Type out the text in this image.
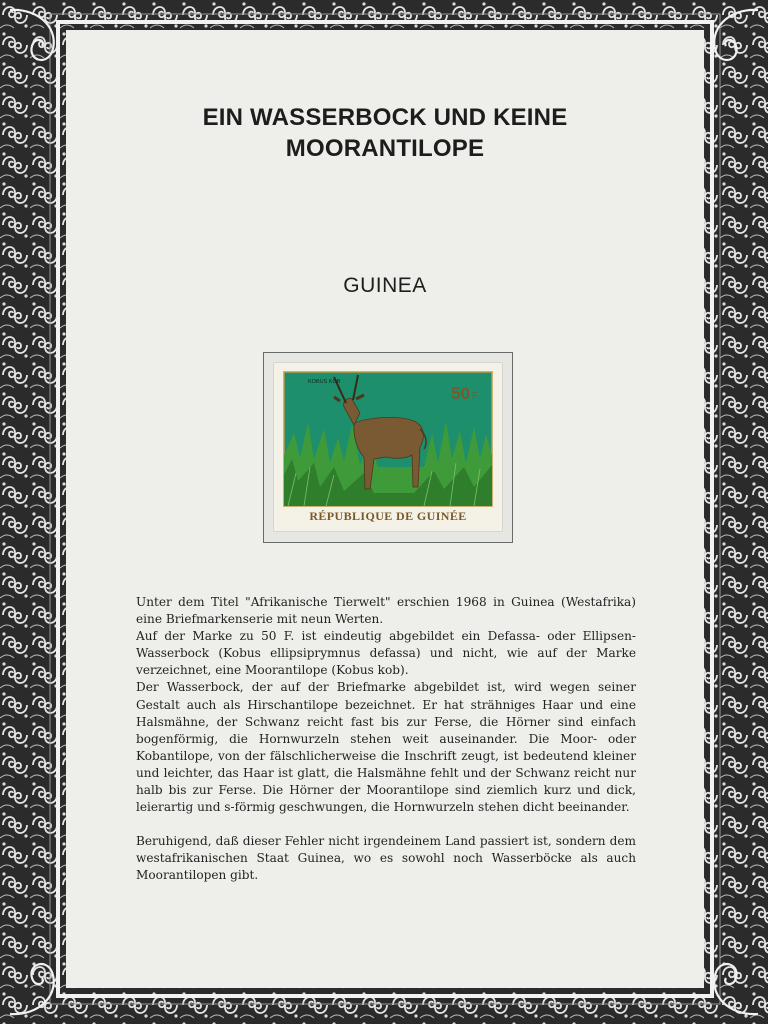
EIN WASSERBOCK UND KEINE
MOORANTILOPE
GUINEA
KOBUS KOB
50 F
RÉPUBLIQUE DE GUINÉE

Unter dem Titel "Afrikanische Tierwelt" erschien 1968 in Guinea (Westafrika) eine Briefmarkenserie mit neun Werten.

Auf der Marke zu 50 F. ist eindeutig abgebildet ein Defassa- oder Ellipsen-Wasserbock (Kobus ellipsiprymnus defassa) und nicht, wie auf der Marke verzeichnet, eine Moorantilope (Kobus kob).

Der Wasserbock, der auf der Briefmarke abgebildet ist, wird wegen seiner Gestalt auch als Hirschantilope bezeichnet. Er hat strähniges Haar und eine Halsmähne, der Schwanz reicht fast bis zur Ferse, die Hörner sind einfach bogenförmig, die Hornwurzeln stehen weit auseinander. Die Moor- oder Kobantilope, von der fälschlicherweise die Inschrift zeugt, ist bedeutend kleiner und leichter, das Haar ist glatt, die Halsmähne fehlt und der Schwanz reicht nur halb bis zur Ferse. Die Hörner der Moorantilope sind ziemlich kurz und dick, leierartig und s-förmig geschwungen, die Hornwurzeln stehen dicht beeinander.

Beruhigend, daß dieser Fehler nicht irgendeinem Land passiert ist, sondern dem westafrikanischen Staat Guinea, wo es sowohl noch Wasserböcke als auch Moorantilopen gibt.
